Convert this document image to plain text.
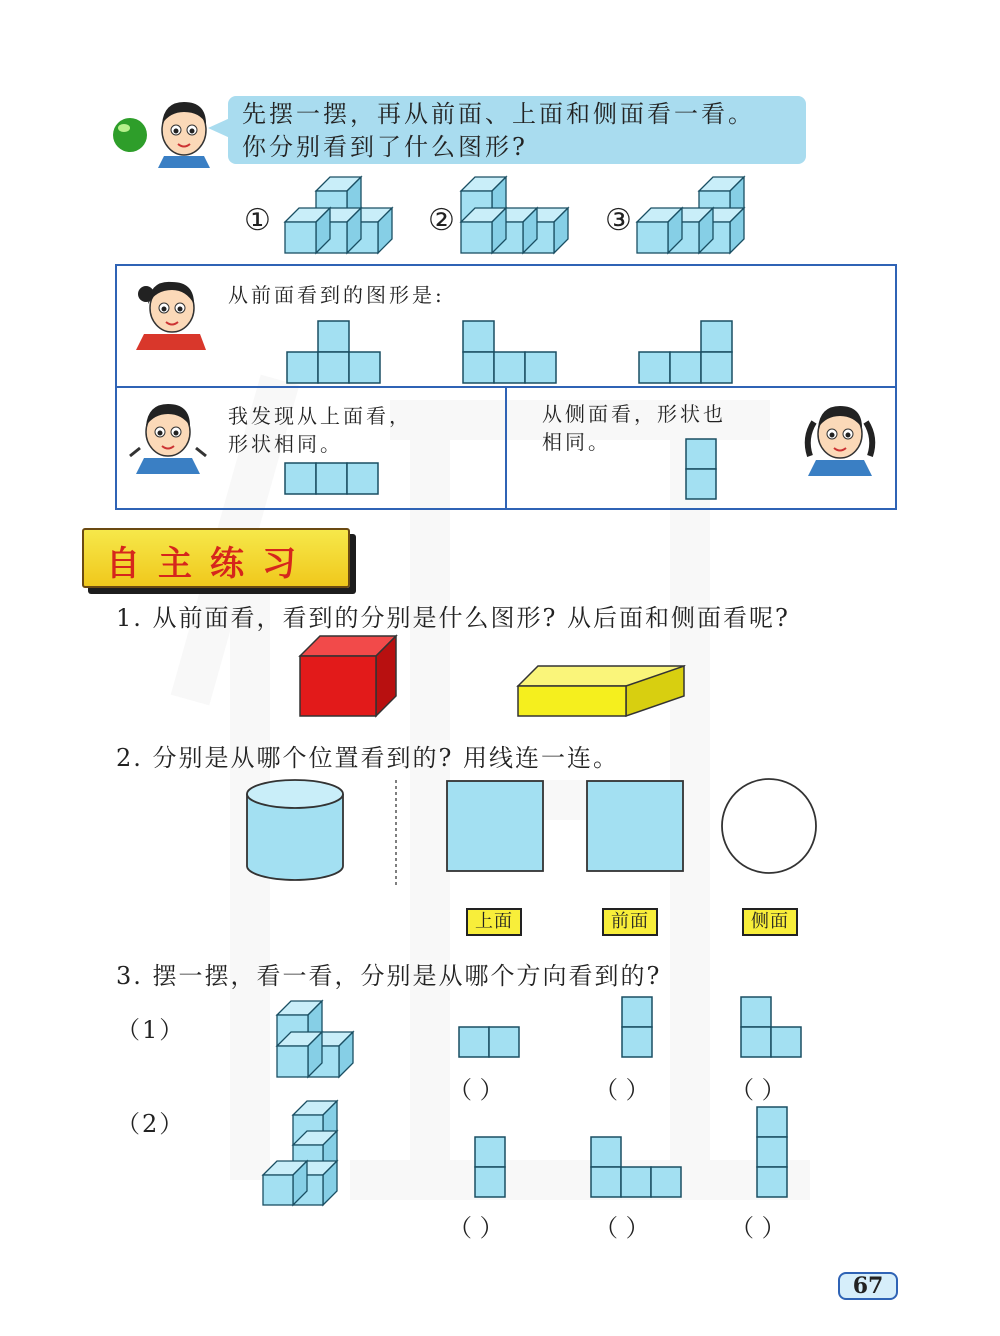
先摆一摆，再从前面、上面和侧面看一看。
你分别看到了什么图形?
①	②	③
从前面看到的图形是:
我发现从上面看，
形状相同。
从侧面看，形状也
相同。
自主练习
1. 从前面看，看到的分别是什么图形? 从后面和侧面看呢?
2. 分别是从哪个位置看到的? 用线连一连。
上面	前面	侧面
3. 摆一摆，看一看，分别是从哪个方向看到的?
（1）
（2）
（ ）	（ ）	（ ）
（ ）	（ ）	（ ）
67
